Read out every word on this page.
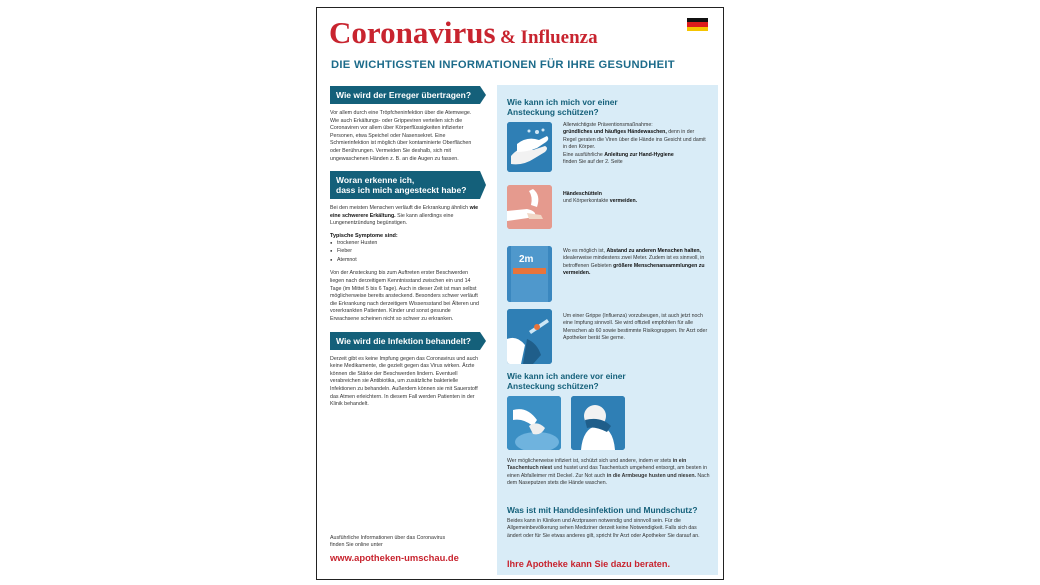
Coronavirus & Influenza
DIE WICHTIGSTEN INFORMATIONEN FÜR IHRE GESUNDHEIT
Wie wird der Erreger übertragen?

Vor allem durch eine Tröpfcheninfektion über die Atemwege. Wie auch Erkältungs- oder Grippeviren verteilen sich die Coronaviren vor allem über Körperflüssigkeiten infizierter Personen, etwa Speichel oder Nasensekret. Eine Schmierinfektion ist möglich über kontaminierte Oberflächen oder Berührungen. Vermeiden Sie deshalb, sich mit ungewaschenen Händen z. B. an die Augen zu fassen.

Woran erkenne ich,
dass ich mich angesteckt habe?

Bei den meisten Menschen verläuft die Erkrankung ähnlich wie eine schwerere Erkältung. Sie kann allerdings eine Lungenentzündung begünstigen.

Typische Symptome sind:
● trockener Husten
● Fieber
● Atemnot

Von der Ansteckung bis zum Auftreten erster Beschwerden liegen nach derzeitigem Kenntnisstand zwischen ein und 14 Tage (im Mittel 5 bis 6 Tage). Auch in dieser Zeit ist man selbst möglicherweise bereits ansteckend. Besonders schwer verläuft die Erkrankung nach derzeitigem Wissensstand bei Älteren und vorerkrankten Patienten. Kinder und sonst gesunde Erwachsene scheinen nicht so schwer zu erkranken.

Wie wird die Infektion behandelt?

Derzeit gibt es keine Impfung gegen das Coronavirus und auch keine Medikamente, die gezielt gegen das Virus wirken. Ärzte können die Stärke der Beschwerden lindern. Eventuell verabreichen sie Antibiotika, um zusätzliche bakterielle Infektionen zu behandeln. Außerdem können sie mit Sauerstoff das Atmen erleichtern. In diesem Fall werden Patienten in der Klinik behandelt.

Ausführliche Informationen über das Coronavirus
finden Sie online unter
www.apotheken-umschau.de
Wie kann ich mich vor einer
Ansteckung schützen?
Allerwichtigste Präventionsmaßnahme:
gründliches und häufiges Händewaschen, denn in der Regel geraten die Viren über die Hände ins Gesicht und damit in den Körper.
Eine ausführliche Anleitung zur Hand-Hygiene
finden Sie auf der 2. Seite
Händeschütteln
und Körperkontakte vermeiden.
2m
Wo es möglich ist, Abstand zu anderen Menschen halten, idealerweise mindestens zwei Meter. Zudem ist es sinnvoll, in betroffenen Gebieten größere Menschenansammlungen zu vermeiden.
Um einer Grippe (Influenza) vorzubeugen, ist auch jetzt noch eine Impfung sinnvoll. Sie wird offiziell empfohlen für alle Menschen ab 60 sowie bestimmte Risikogruppen. Ihr Arzt oder Apotheker berät Sie gerne.
Wie kann ich andere vor einer
Ansteckung schützen?

Wer möglicherweise infiziert ist, schützt sich und andere, indem er stets in ein Taschentuch niest und hustet und das Taschentuch umgehend entsorgt, am besten in einen Abfalleimer mit Deckel. Zur Not auch in die Armbeuge husten und niesen. Nach dem Naseputzen stets die Hände waschen.

Was ist mit Handdesinfektion und Mundschutz?

Beides kann in Kliniken und Arztpraxen notwendig und sinnvoll sein. Für die Allgemeinbevölkerung sehen Mediziner derzeit keine Notwendigkeit. Falls sich das ändert oder für Sie etwas anderes gilt, spricht Ihr Arzt oder Apotheker Sie darauf an.

Ihre Apotheke kann Sie dazu beraten.
